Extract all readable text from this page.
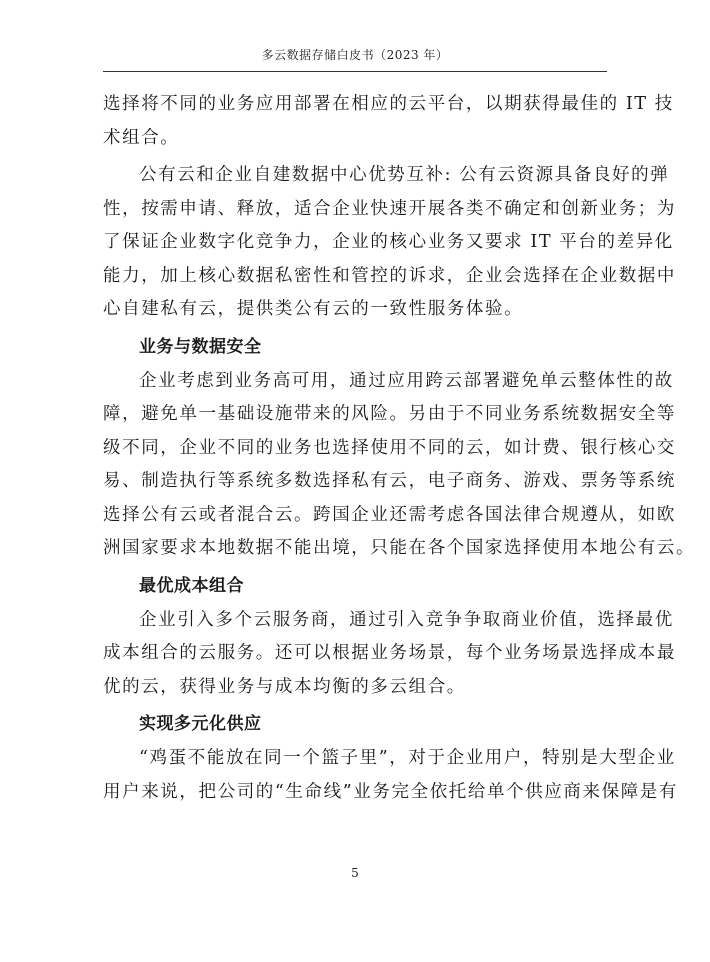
多云数据存储白皮书（2023 年）

选择将不同的业务应用部署在相应的云平台，以期获得最佳的 IT 技
术组合。

公有云和企业自建数据中心优势互补: 公有云资源具备良好的弹
性，按需申请、释放，适合企业快速开展各类不确定和创新业务；为
了保证企业数字化竞争力，企业的核心业务又要求 IT 平台的差异化
能力，加上核心数据私密性和管控的诉求，企业会选择在企业数据中
心自建私有云，提供类公有云的一致性服务体验。

业务与数据安全

企业考虑到业务高可用，通过应用跨云部署避免单云整体性的故
障，避免单一基础设施带来的风险。另由于不同业务系统数据安全等
级不同，企业不同的业务也选择使用不同的云，如计费、银行核心交
易、制造执行等系统多数选择私有云，电子商务、游戏、票务等系统
选择公有云或者混合云。跨国企业还需考虑各国法律合规遵从，如欧
洲国家要求本地数据不能出境，只能在各个国家选择使用本地公有云。

最优成本组合

企业引入多个云服务商，通过引入竞争争取商业价值，选择最优
成本组合的云服务。还可以根据业务场景，每个业务场景选择成本最
优的云，获得业务与成本均衡的多云组合。

实现多元化供应

“鸡蛋不能放在同一个篮子里”，对于企业用户，特别是大型企业
用户来说，把公司的“生命线”业务完全依托给单个供应商来保障是有

5
